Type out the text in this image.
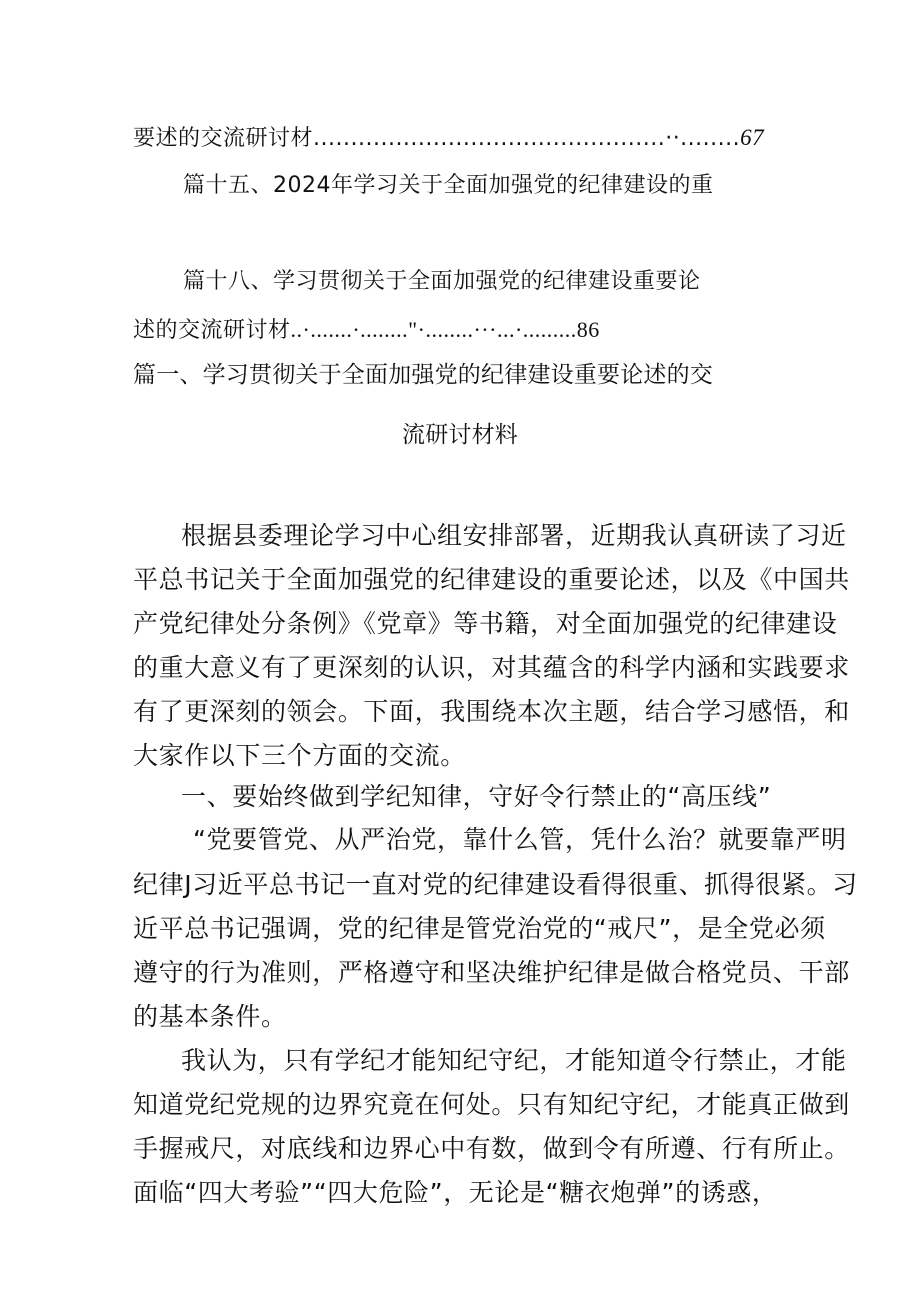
要述的交流研讨材...............................................··........67
篇十五、2024年学习关于全面加强党的纪律建设的重
篇十八、学习贯彻关于全面加强党的纪律建设重要论
述的交流研讨材..·.......·........"·........···...·.........86
篇一、学习贯彻关于全面加强党的纪律建设重要论述的交
流研讨材料
根据县委理论学习中心组安排部署，近期我认真研读了习近
平总书记关于全面加强党的纪律建设的重要论述，以及《中国共
产党纪律处分条例》《党章》等书籍，对全面加强党的纪律建设
的重大意义有了更深刻的认识，对其蕴含的科学内涵和实践要求
有了更深刻的领会。下面，我围绕本次主题，结合学习感悟，和
大家作以下三个方面的交流。
一、要始终做到学纪知律，守好令行禁止的“高压线”
“党要管党、从严治党，靠什么管，凭什么治？就要靠严明
纪律J习近平总书记一直对党的纪律建设看得很重、抓得很紧。习
近平总书记强调，党的纪律是管党治党的“戒尺”，是全党必须
遵守的行为准则，严格遵守和坚决维护纪律是做合格党员、干部
的基本条件。
我认为，只有学纪才能知纪守纪，才能知道令行禁止，才能
知道党纪党规的边界究竟在何处。只有知纪守纪，才能真正做到
手握戒尺，对底线和边界心中有数，做到令有所遵、行有所止。
面临“四大考验”“四大危险”，无论是“糖衣炮弹”的诱惑，
